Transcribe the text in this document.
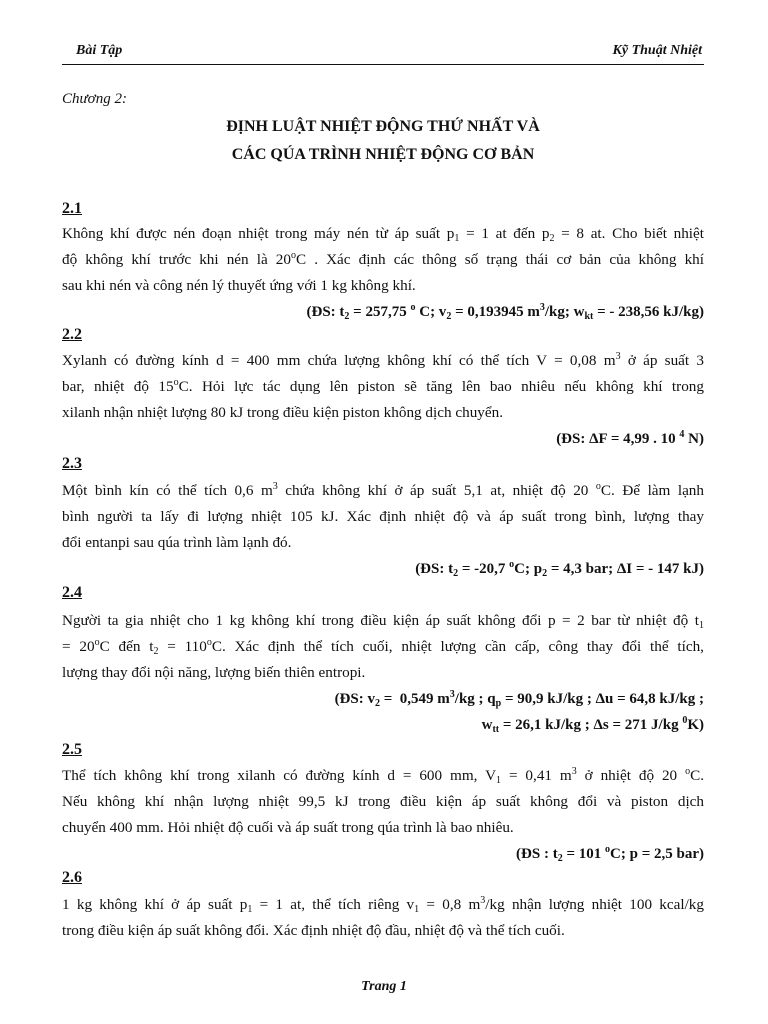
Bài Tập	Kỹ Thuật Nhiệt
Chương 2:
ĐỊNH LUẬT NHIỆT ĐỘNG THỨ NHẤT VÀ
CÁC QÚA TRÌNH NHIỆT ĐỘNG CƠ BẢN
2.1
Không khí được nén đoạn nhiệt trong máy nén từ áp suất $p_1 = 1$ at đến $p_2 = 8$ at. Cho biết nhiệt
độ không khí trước khi nén là 20$^o$C . Xác định các thông số trạng thái cơ bản của không khí
sau khi nén và công nén lý thuyết ứng với 1 kg không khí.
(ĐS: $t_2 = 257,75$ $^o$ C; $v_2 = 0,193945$ $m^3/kg$; $w_{kt}$ = - 238,56 kJ/kg)
2.2
Xylanh có đường kính d = 400 mm chứa lượng không khí có thể tích V = 0,08 $m^3$ ở áp suất 3
bar, nhiệt độ 15$^o$C. Hỏi lực tác dụng lên piston sẽ tăng lên bao nhiêu nếu không khí trong
xilanh nhận nhiệt lượng 80 kJ trong điều kiện piston không dịch chuyển.
(ĐS: ΔF = 4,99 . 10 $^4$ N)
2.3
Một bình kín có thể tích 0,6 $m^3$ chứa không khí ở áp suất 5,1 at, nhiệt độ 20 $^o$C. Để làm lạnh
bình người ta lấy đi lượng nhiệt 105 kJ. Xác định nhiệt độ và áp suất trong bình, lượng thay
đổi entanpi sau qúa trình làm lạnh đó.
(ĐS: $t_2 = -20,7$ $^o$C; $p_2 = 4,3$ bar; ΔI = - 147 kJ)
2.4
Người ta gia nhiệt cho 1 kg không khí trong điều kiện áp suất không đổi p = 2 bar từ nhiệt độ $t_1$
= $20^oC$ đến $t_2 = 110^oC$. Xác định thể tích cuối, nhiệt lượng cần cấp, công thay đổi thể tích,
lượng thay đổi nội năng, lượng biến thiên entropi.
(ĐS: $v_2 = 0,549$ $m^3/kg$ ; $q_p = 90,9$ kJ/kg ; Δu = 64,8 kJ/kg ;
$w_{tt} = 26,1$ kJ/kg ; Δs = 271 J/kg $^0$K)
2.5
Thể tích không khí trong xilanh có đường kính d = 600 mm, $V_1 = 0,41$ $m^3$ ở nhiệt độ 20 $^o$C.
Nếu không khí nhận lượng nhiệt 99,5 kJ trong điều kiện áp suất không đổi và piston dịch
chuyển 400 mm. Hỏi nhiệt độ cuối và áp suất trong qúa trình là bao nhiêu.
(ĐS : $t_2 = 101$ $^o$C; p = 2,5 bar)
2.6
1 kg không khí ở áp suất $p_1 = 1$ at, thể tích riêng $v_1 = 0,8$ $m^3/kg$ nhận lượng nhiệt 100 kcal/kg
trong điều kiện áp suất không đổi. Xác định nhiệt độ đầu, nhiệt độ và thể tích cuối.
Trang 1
